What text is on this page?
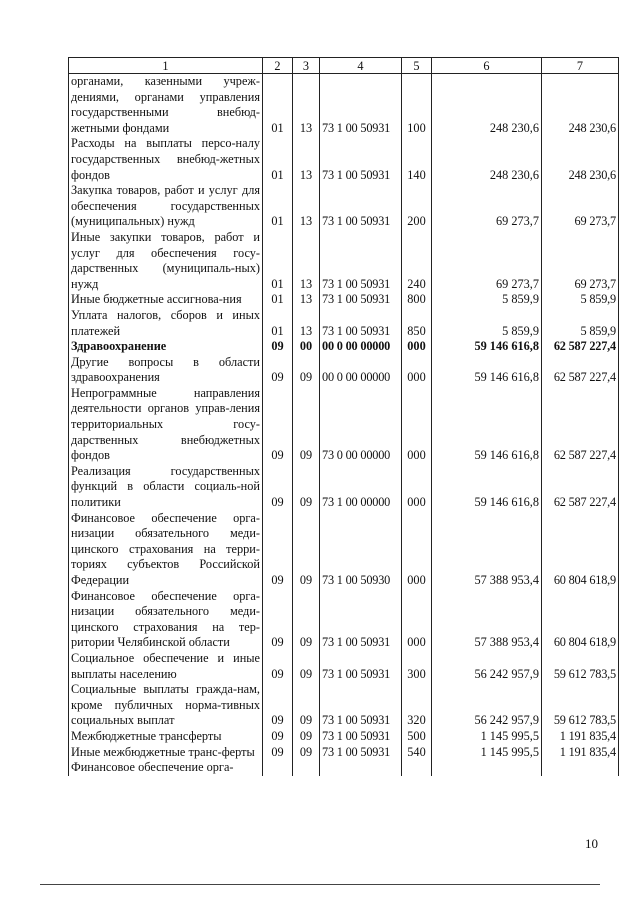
1	2	3	4	5	6	7
органами, казенными учреж-дениями, органами управления государственными внебюд-жетными фондами	01	13	73 1 00 50931	100	248 230,6	248 230,6
Расходы на выплаты персо-налу государственных внебюд-жетных фондов	01	13	73 1 00 50931	140	248 230,6	248 230,6
Закупка товаров, работ и услуг для обеспечения государственных (муниципальных) нужд	01	13	73 1 00 50931	200	69 273,7	69 273,7
Иные закупки товаров, работ и услуг для обеспечения госу-дарственных (муниципаль-ных) нужд	01	13	73 1 00 50931	240	69 273,7	69 273,7
Иные бюджетные ассигнова-ния	01	13	73 1 00 50931	800	5 859,9	5 859,9
Уплата налогов, сборов и иных платежей	01	13	73 1 00 50931	850	5 859,9	5 859,9
Здравоохранение	09	00	00 0 00 00000	000	59 146 616,8	62 587 227,4
Другие вопросы в области здравоохранения	09	09	00 0 00 00000	000	59 146 616,8	62 587 227,4
Непрограммные направления деятельности органов управ-ления территориальных госу-дарственных внебюджетных фондов	09	09	73 0 00 00000	000	59 146 616,8	62 587 227,4
Реализация государственных функций в области социаль-ной политики	09	09	73 1 00 00000	000	59 146 616,8	62 587 227,4
Финансовое обеспечение орга-низации обязательного меди-цинского страхования на терри-ториях субъектов Российской Федерации	09	09	73 1 00 50930	000	57 388 953,4	60 804 618,9
Финансовое обеспечение орга-низации обязательного меди-цинского страхования на тер-ритории Челябинской области	09	09	73 1 00 50931	000	57 388 953,4	60 804 618,9
Социальное обеспечение и иные выплаты населению	09	09	73 1 00 50931	300	56 242 957,9	59 612 783,5
Социальные выплаты гражда-нам, кроме публичных норма-тивных социальных выплат	09	09	73 1 00 50931	320	56 242 957,9	59 612 783,5
Межбюджетные трансферты	09	09	73 1 00 50931	500	1 145 995,5	1 191 835,4
Иные межбюджетные транс-ферты	09	09	73 1 00 50931	540	1 145 995,5	1 191 835,4
Финансовое обеспечение орга-						
10
